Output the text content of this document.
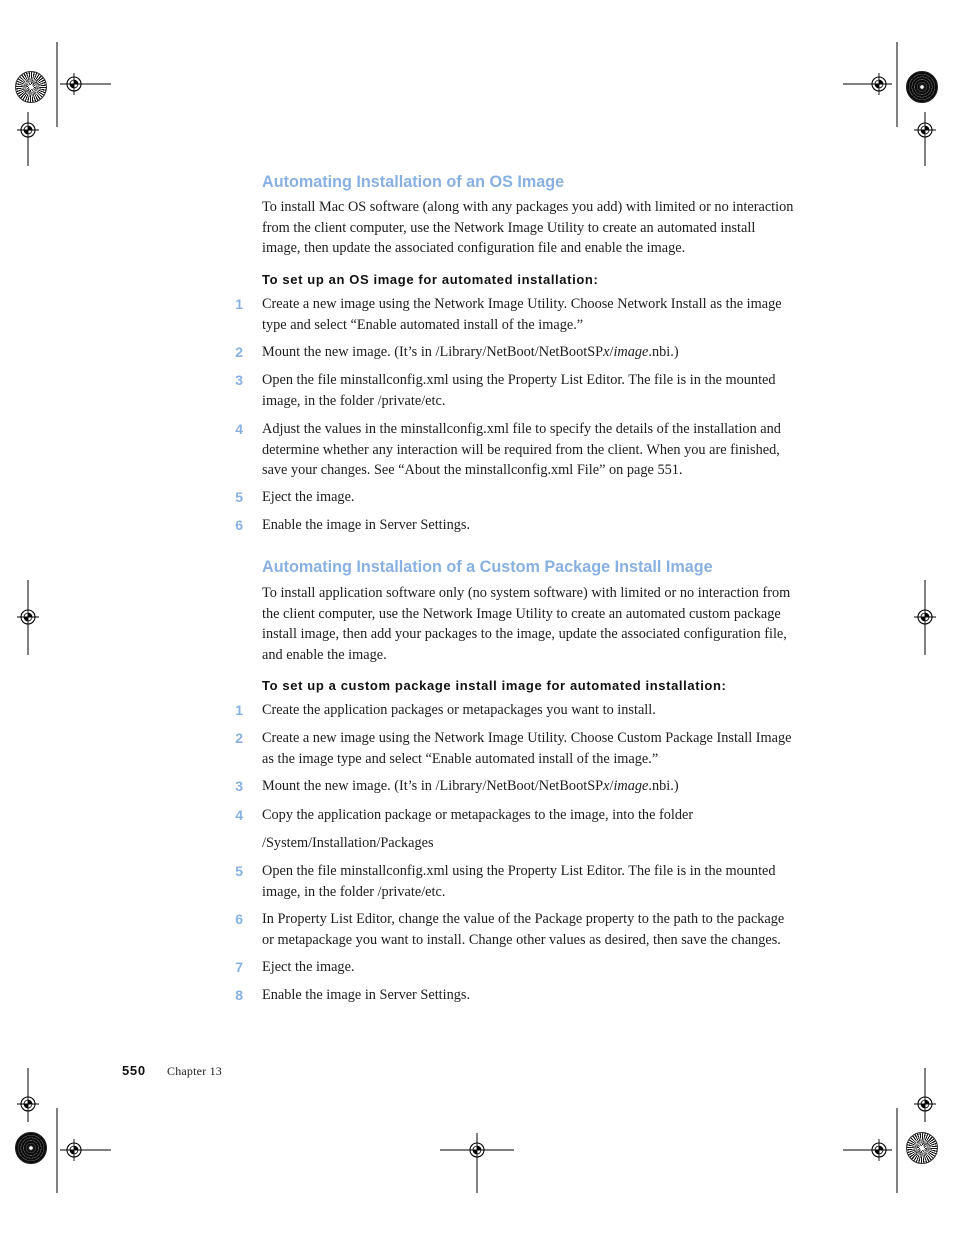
Automating Installation of an OS Image
To install Mac OS software (along with any packages you add) with limited or no interaction
from the client computer, use the Network Image Utility to create an automated install
image, then update the associated configuration file and enable the image.
To set up an OS image for automated installation:
1 Create a new image using the Network Image Utility. Choose Network Install as the image
type and select “Enable automated install of the image.”
2 Mount the new image. (It’s in /Library/NetBoot/NetBootSPx/image.nbi.)
3 Open the file minstallconfig.xml using the Property List Editor. The file is in the mounted
image, in the folder /private/etc.
4 Adjust the values in the minstallconfig.xml file to specify the details of the installation and
determine whether any interaction will be required from the client. When you are finished,
save your changes. See “About the minstallconfig.xml File” on page 551.
5 Eject the image.
6 Enable the image in Server Settings.
Automating Installation of a Custom Package Install Image
To install application software only (no system software) with limited or no interaction from
the client computer, use the Network Image Utility to create an automated custom package
install image, then add your packages to the image, update the associated configuration file,
and enable the image.
To set up a custom package install image for automated installation:
1 Create the application packages or metapackages you want to install.
2 Create a new image using the Network Image Utility. Choose Custom Package Install Image
as the image type and select “Enable automated install of the image.”
3 Mount the new image. (It’s in /Library/NetBoot/NetBootSPx/image.nbi.)
4 Copy the application package or metapackages to the image, into the folder
/System/Installation/Packages
5 Open the file minstallconfig.xml using the Property List Editor. The file is in the mounted
image, in the folder /private/etc.
6 In Property List Editor, change the value of the Package property to the path to the package
or metapackage you want to install. Change other values as desired, then save the changes.
7 Eject the image.
8 Enable the image in Server Settings.
550 Chapter 13
